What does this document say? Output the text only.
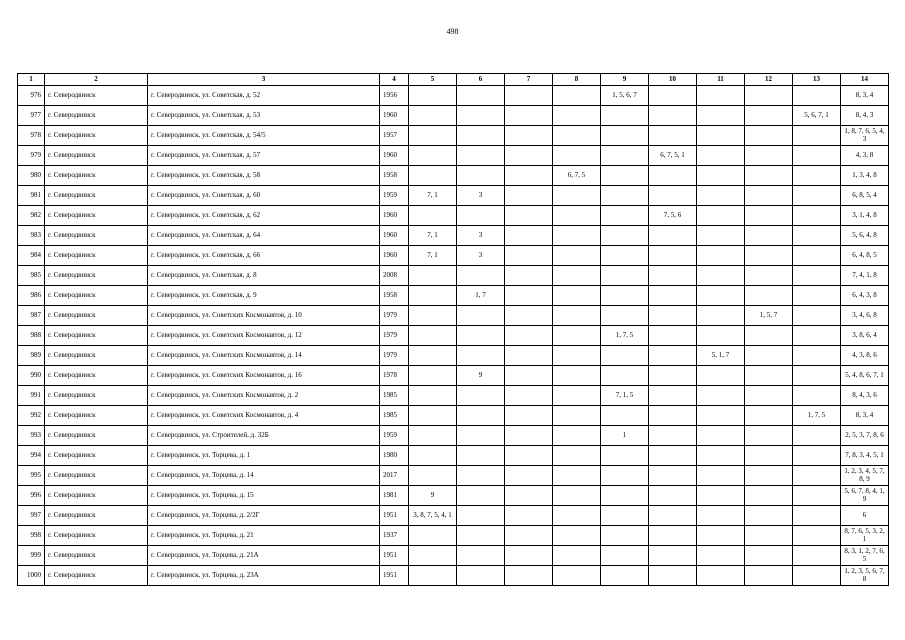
498
1	2	3	4	5	6	7	8	9	10	11	12	13	14
976	г. Северодвинск	г. Северодвинск, ул. Советская, д. 52	1956					1, 5, 6, 7					8, 3, 4
977	г. Северодвинск	г. Северодвинск, ул. Советская, д. 53	1960									5, 6, 7, 1	8, 4, 3
978	г. Северодвинск	г. Северодвинск, ул. Советская, д. 54/5	1957										1, 8, 7, 6, 5, 4, 3
979	г. Северодвинск	г. Северодвинск, ул. Советская, д. 57	1960						6, 7, 5, 1				4, 3, 8
980	г. Северодвинск	г. Северодвинск, ул. Советская, д. 58	1958				6, 7, 5						1, 3, 4, 8
981	г. Северодвинск	г. Северодвинск, ул. Советская, д. 60	1959	7, 1	3								6, 8, 5, 4
982	г. Северодвинск	г. Северодвинск, ул. Советская, д. 62	1960						7, 5, 6				3, 1, 4, 8
983	г. Северодвинск	г. Северодвинск, ул. Советская, д. 64	1960	7, 1	3								5, 6, 4, 8
984	г. Северодвинск	г. Северодвинск, ул. Советская, д. 66	1960	7, 1	3								6, 4, 8, 5
985	г. Северодвинск	г. Северодвинск, ул. Советская, д. 8	2008										7, 4, 1, 8
986	г. Северодвинск	г. Северодвинск, ул. Советская, д. 9	1958		1, 7								6, 4, 3, 8
987	г. Северодвинск	г. Северодвинск, ул. Советских Космонавтов, д. 10	1979								1, 5, 7		3, 4, 6, 8
988	г. Северодвинск	г. Северодвинск, ул. Советских Космонавтов, д. 12	1979					1, 7, 5					3, 8, 6, 4
989	г. Северодвинск	г. Северодвинск, ул. Советских Космонавтов, д. 14	1979							5, 1, 7			4, 3, 8, 6
990	г. Северодвинск	г. Северодвинск, ул. Советских Космонавтов, д. 16	1978		9								5, 4, 8, 6, 7, 1
991	г. Северодвинск	г. Северодвинск, ул. Советских Космонавтов, д. 2	1985					7, 1, 5					8, 4, 3, 6
992	г. Северодвинск	г. Северодвинск, ул. Советских Космонавтов, д. 4	1985									1, 7, 5	8, 3, 4
993	г. Северодвинск	г. Северодвинск, ул. Строителей, д. 32Б	1959					1					2, 5, 3, 7, 8, 6
994	г. Северодвинск	г. Северодвинск, ул. Торцева, д. 1	1980										7, 8, 3, 4, 5, 1
995	г. Северодвинск	г. Северодвинск, ул. Торцева, д. 14	2017										1, 2, 3, 4, 5, 7, 8, 9
996	г. Северодвинск	г. Северодвинск, ул. Торцева, д. 15	1981	9									5, 6, 7, 8, 4, 1, 9
997	г. Северодвинск	г. Северодвинск, ул. Торцева, д. 2/2Г	1951	3, 8, 7, 5, 4, 1									6
998	г. Северодвинск	г. Северодвинск, ул. Торцева, д. 21	1937										8, 7, 6, 5, 3, 2, 1
999	г. Северодвинск	г. Северодвинск, ул. Торцева, д. 21А	1951										8, 3, 1, 2, 7, 6, 5
1000	г. Северодвинск	г. Северодвинск, ул. Торцева, д. 23А	1951										1, 2, 3, 5, 6, 7, 8
